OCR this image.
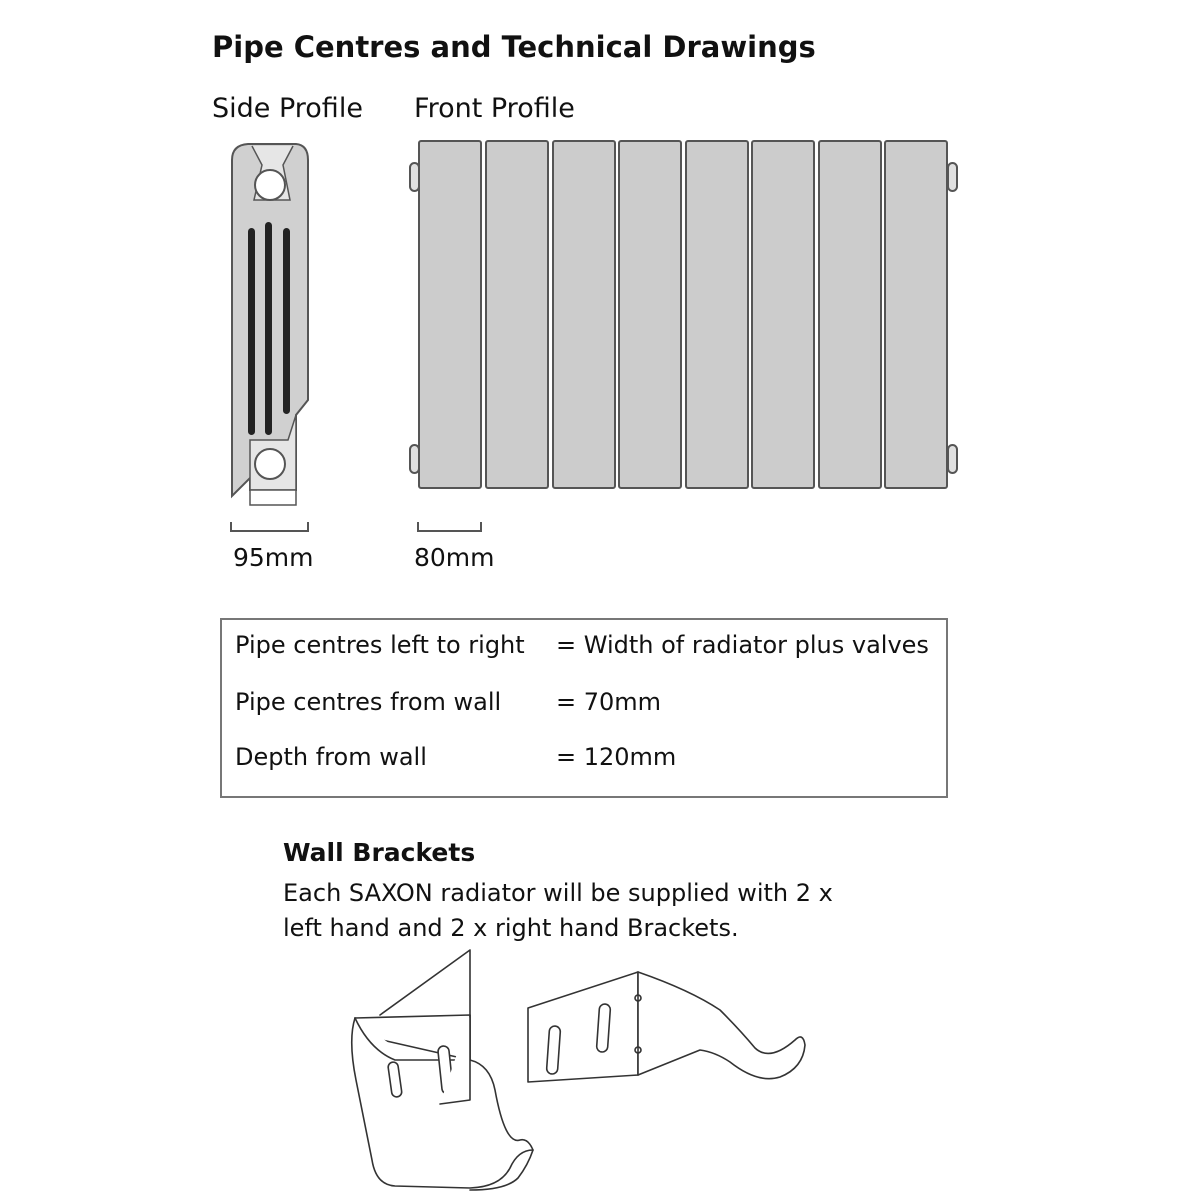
Pipe Centres and Technical Drawings
Side Profile Front Profile
95mm	80mm
Pipe centres left to right = Width of radiator plus valves
Pipe centres from wall = 70mm
Depth from wall	= 120mm
Wall Brackets
Each SAXON radiator will be supplied with 2 x
left hand and 2 x right hand Brackets.
